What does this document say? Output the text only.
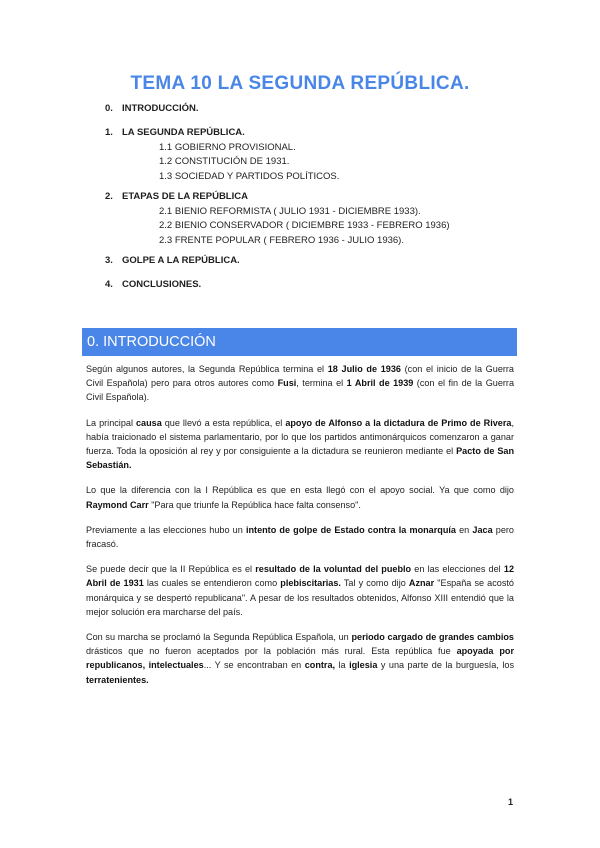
TEMA 10 LA SEGUNDA REPÚBLICA.
0. INTRODUCCIÓN.
1. LA SEGUNDA REPÚBLICA.
1.1 GOBIERNO PROVISIONAL.
1.2 CONSTITUCIÓN DE 1931.
1.3 SOCIEDAD Y PARTIDOS POLÍTICOS.
2. ETAPAS DE LA REPÚBLICA
2.1 BIENIO REFORMISTA ( JULIO 1931 - DICIEMBRE 1933).
2.2 BIENIO CONSERVADOR ( DICIEMBRE 1933 - FEBRERO 1936)
2.3 FRENTE POPULAR ( FEBRERO 1936 - JULIO 1936).
3. GOLPE A LA REPÚBLICA.
4. CONCLUSIONES.
0. INTRODUCCIÓN

Según algunos autores, la Segunda República termina el 18 Julio de 1936 (con el inicio de la Guerra Civil Española) pero para otros autores como Fusi, termina el 1 Abril de 1939 (con el fin de la Guerra Civil Española).

La principal causa que llevó a esta república, el apoyo de Alfonso a la dictadura de Primo de Rivera, había traicionado el sistema parlamentario, por lo que los partidos antimonárquicos comenzaron a ganar fuerza. Toda la oposición al rey y por consiguiente a la dictadura se reunieron mediante el Pacto de San Sebastián.

Lo que la diferencia con la I República es que en esta llegó con el apoyo social. Ya que como dijo Raymond Carr "Para que triunfe la República hace falta consenso".

Previamente a las elecciones hubo un intento de golpe de Estado contra la monarquía en Jaca pero fracasó.

Se puede decir que la II República es el resultado de la voluntad del pueblo en las elecciones del 12 Abril de 1931 las cuales se entendieron como plebiscitarias. Tal y como dijo Aznar "España se acostó monárquica y se despertó republicana". A pesar de los resultados obtenidos, Alfonso XIII entendió que la mejor solución era marcharse del país.

Con su marcha se proclamó la Segunda República Española, un periodo cargado de grandes cambios drásticos que no fueron aceptados por la población más rural. Esta república fue apoyada por republicanos, intelectuales... Y se encontraban en contra, la iglesia y una parte de la burguesía, los terratenientes.

1
